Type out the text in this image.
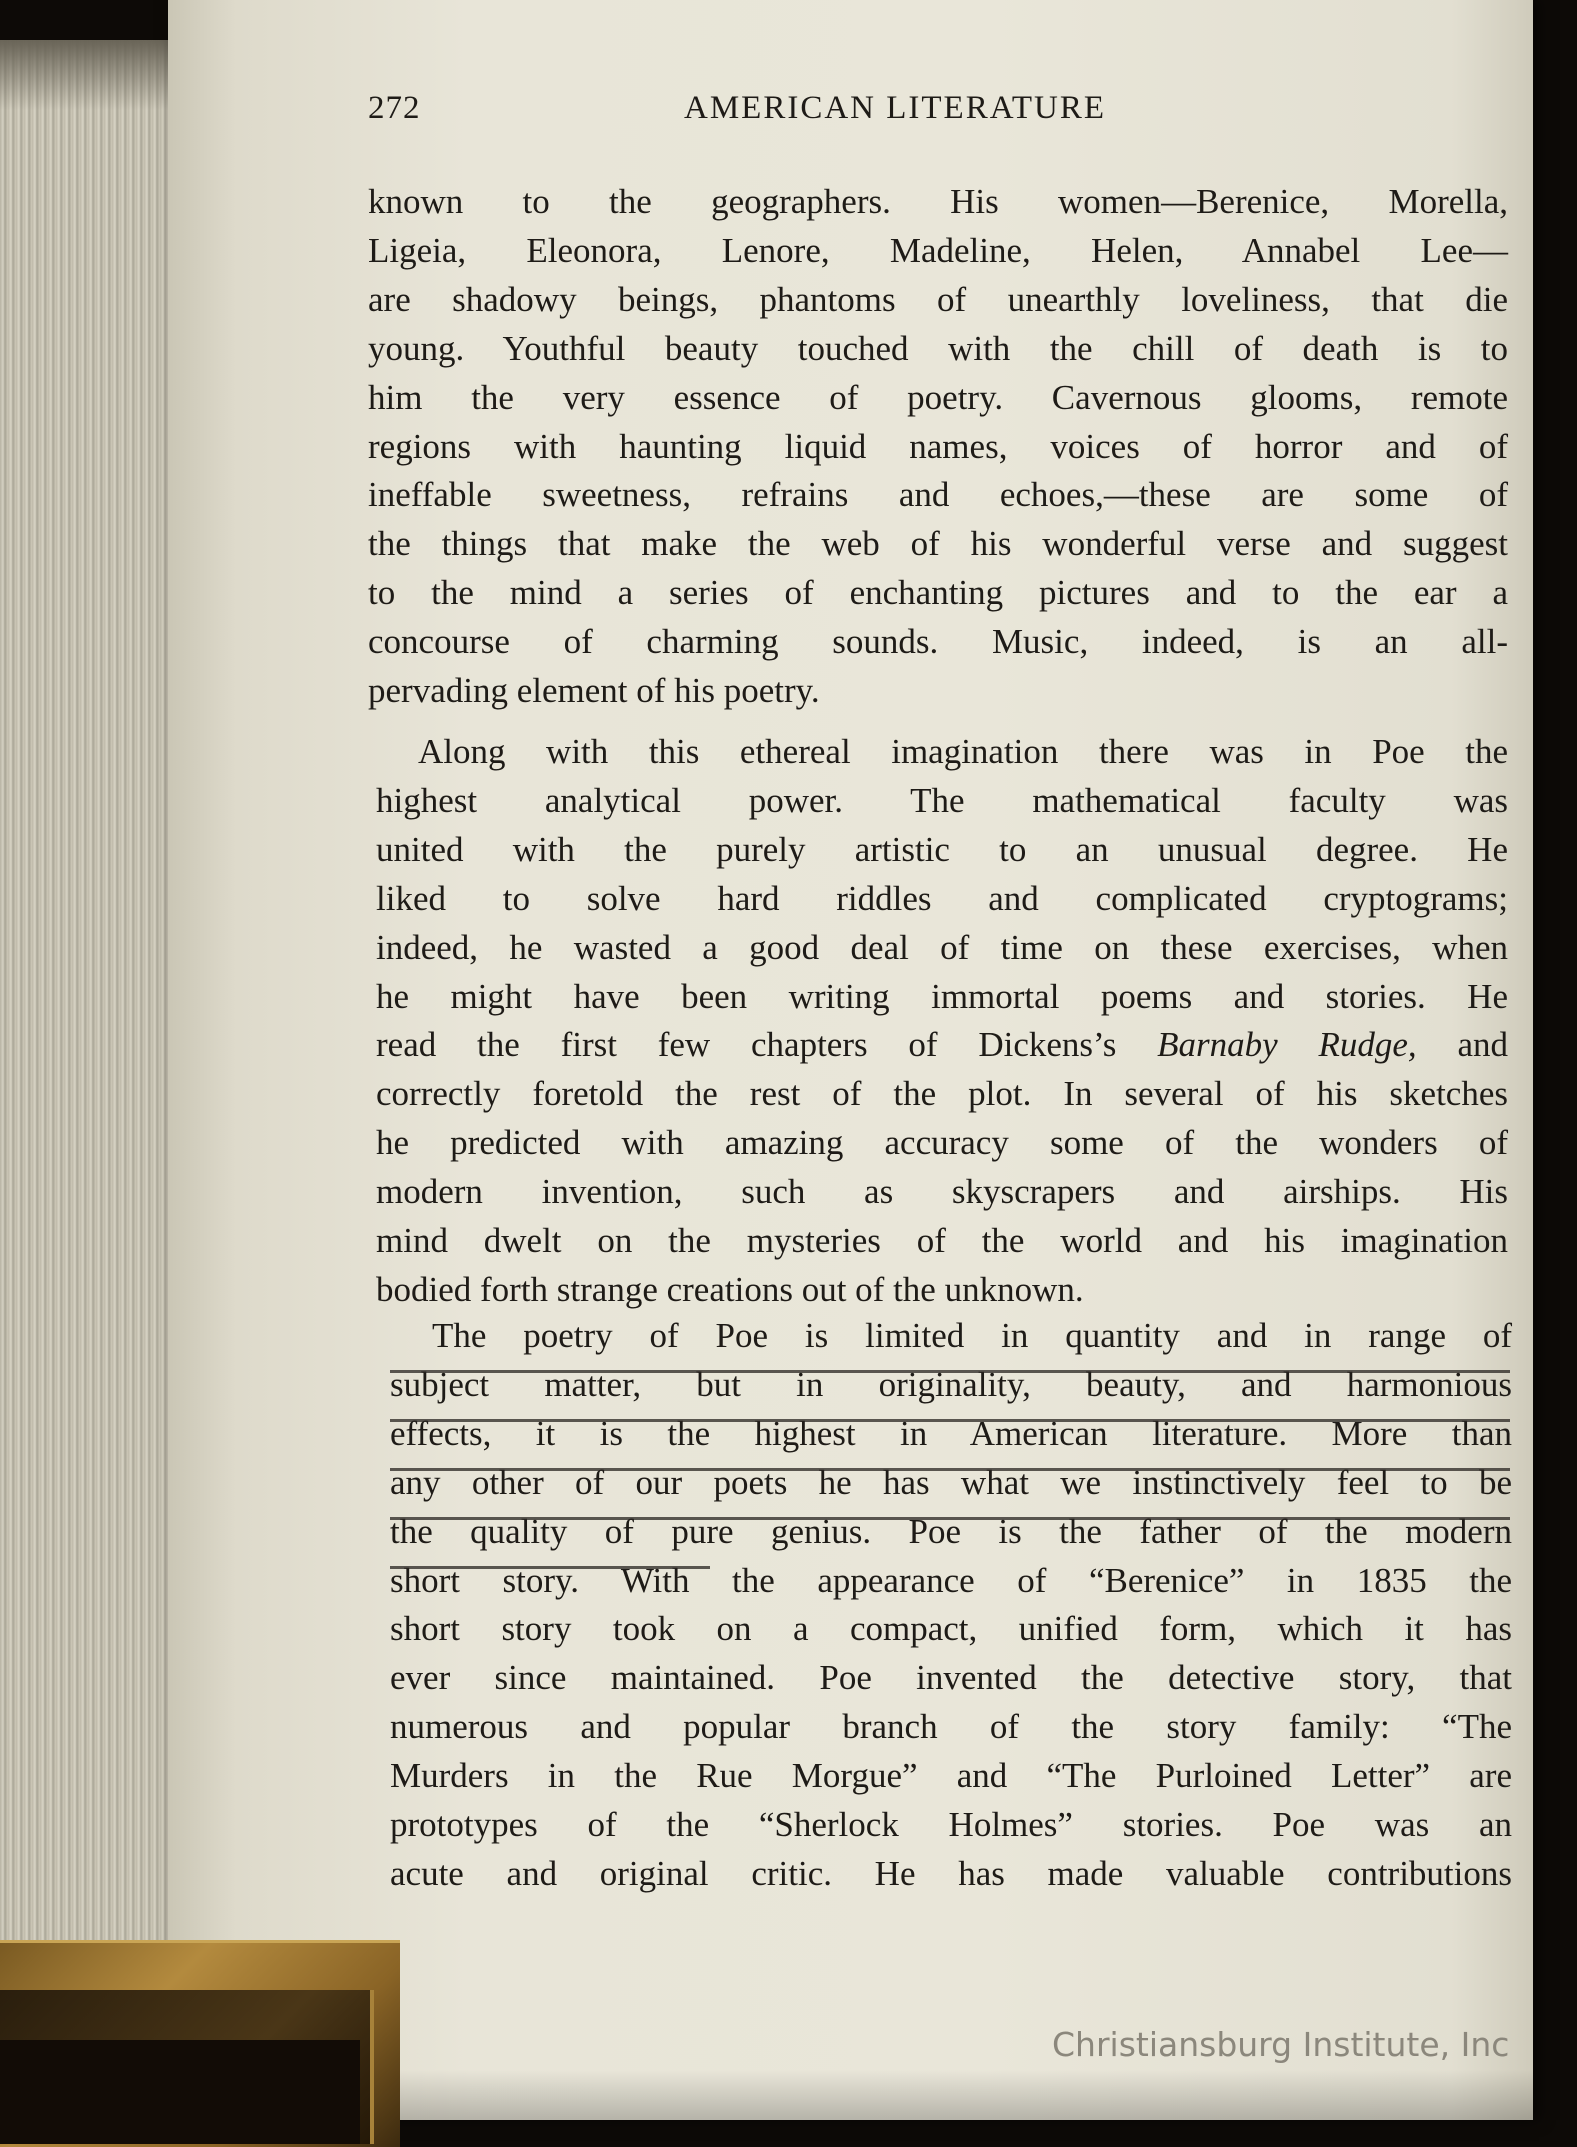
272	AMERICAN LITERATURE

known to the geographers. His women—Berenice, Morella,
Ligeia, Eleonora, Lenore, Madeline, Helen, Annabel Lee—
are shadowy beings, phantoms of unearthly loveliness, that die
young. Youthful beauty touched with the chill of death is to
him the very essence of poetry. Cavernous glooms, remote
regions with haunting liquid names, voices of horror and of
ineffable sweetness, refrains and echoes,—these are some of
the things that make the web of his wonderful verse and suggest
to the mind a series of enchanting pictures and to the ear a
concourse of charming sounds. Music, indeed, is an all-
pervading element of his poetry.

Along with this ethereal imagination there was in Poe the
highest analytical power. The mathematical faculty was
united with the purely artistic to an unusual degree. He
liked to solve hard riddles and complicated cryptograms;
indeed, he wasted a good deal of time on these exercises, when
he might have been writing immortal poems and stories. He
read the first few chapters of Dickens’s Barnaby Rudge, and
correctly foretold the rest of the plot. In several of his sketches
he predicted with amazing accuracy some of the wonders of
modern invention, such as skyscrapers and airships. His
mind dwelt on the mysteries of the world and his imagination
bodied forth strange creations out of the unknown.

The poetry of Poe is limited in quantity and in range of
subject matter, but in originality, beauty, and harmonious
effects, it is the highest in American literature. More than
any other of our poets he has what we instinctively feel to be
the quality of pure genius. Poe is the father of the modern
short story. With the appearance of “Berenice” in 1835 the
short story took on a compact, unified form, which it has
ever since maintained. Poe invented the detective story, that
numerous and popular branch of the story family: “The
Murders in the Rue Morgue” and “The Purloined Letter” are
prototypes of the “Sherlock Holmes” stories. Poe was an
acute and original critic. He has made valuable contributions

Christiansburg Institute, Inc
